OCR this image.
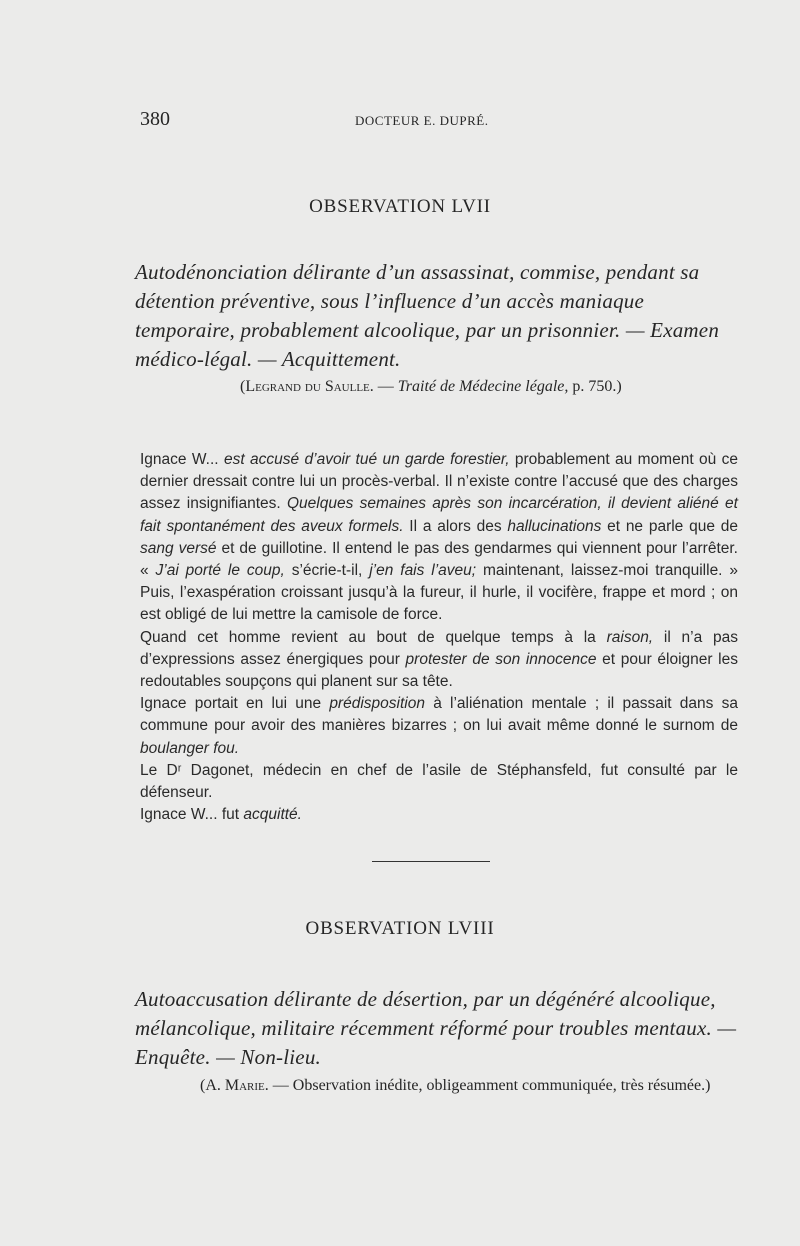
380	DOCTEUR E. DUPRÉ.
OBSERVATION LVII
Autodénonciation délirante d’un assassinat, commise, pendant sa détention préventive, sous l’influence d’un accès maniaque temporaire, probablement alcoolique, par un prisonnier. — Examen médico-légal. — Acquittement.
(Legrand du Saulle. — Traité de Médecine légale, p. 750.)

Ignace W... est accusé d’avoir tué un garde forestier, probablement au moment où ce dernier dressait contre lui un procès-verbal. Il n’existe contre l’accusé que des charges assez insignifiantes. Quelques semaines après son incarcération, il devient aliéné et fait spontanément des aveux formels. Il a alors des hallucinations et ne parle que de sang versé et de guillotine. Il entend le pas des gendarmes qui viennent pour l’arrêter. « J’ai porté le coup, s’écrie-t-il, j’en fais l’aveu; maintenant, laissez-moi tranquille. » Puis, l’exaspération croissant jusqu’à la fureur, il hurle, il vocifère, frappe et mord ; on est obligé de lui mettre la camisole de force.

Quand cet homme revient au bout de quelque temps à la raison, il n’a pas d’expressions assez énergiques pour protester de son innocence et pour éloigner les redoutables soupçons qui planent sur sa tête.

Ignace portait en lui une prédisposition à l’aliénation mentale ; il passait dans sa commune pour avoir des manières bizarres ; on lui avait même donné le surnom de boulanger fou.

Le Dʳ Dagonet, médecin en chef de l’asile de Stéphansfeld, fut consulté par le défenseur.

Ignace W... fut acquitté.

OBSERVATION LVIII
Autoaccusation délirante de désertion, par un dégénéré alcoolique, mélancolique, militaire récemment réformé pour troubles mentaux. — Enquête. — Non-lieu.
(A. Marie. — Observation inédite, obligeamment communiquée, très résumée.)
